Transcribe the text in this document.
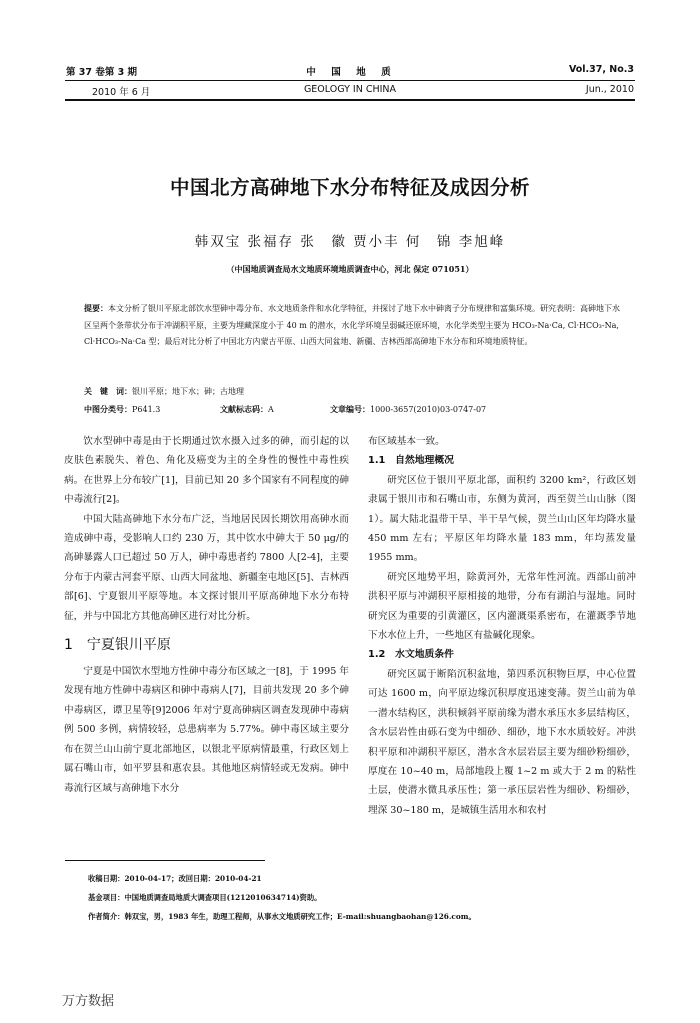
第 37 卷第 3 期	中　国　地　质	Vol.37, No.3
2010 年 6 月	GEOLOGY IN CHINA	Jun., 2010
中国北方高砷地下水分布特征及成因分析
韩双宝 张福存 张　徽 贾小丰 何　锦 李旭峰
（中国地质调查局水文地质环境地质调查中心，河北 保定 071051）
提要：本文分析了银川平原北部饮水型砷中毒分布、水文地质条件和水化学特征，并探讨了地下水中砷离子分布规律和富集环境。研究表明：高砷地下水区呈两个条带状分布于冲湖积平原，主要为埋藏深度小于 40 m 的潜水，水化学环境呈弱碱还原环境，水化学类型主要为 HCO₃-Na·Ca, Cl·HCO₃-Na, Cl·HCO₃-Na·Ca 型；最后对比分析了中国北方内蒙古平原、山西大同盆地、新疆、吉林西部高砷地下水分布和环境地质特征。
关　键　词：银川平原；地下水；砷；古地理
中图分类号：P641.3	文献标志码：A	文章编号：1000-3657(2010)03-0747-07

饮水型砷中毒是由于长期通过饮水摄入过多的砷，而引起的以皮肤色素脱失、着色、角化及癌变为主的全身性的慢性中毒性疾病。在世界上分布较广[1]，目前已知 20 多个国家有不同程度的砷中毒流行[2]。

中国大陆高砷地下水分布广泛，当地居民因长期饮用高砷水而造成砷中毒，受影响人口约 230 万，其中饮水中砷大于 50 μg/的高砷暴露人口已超过 50 万人，砷中毒患者约 7800 人[2-4]，主要分布于内蒙古河套平原、山西大同盆地、新疆奎屯地区[5]、吉林西部[6]、宁夏银川平原等地。本文探讨银川平原高砷地下水分布特征，并与中国北方其他高砷区进行对比分析。

1　宁夏银川平原

宁夏是中国饮水型地方性砷中毒分布区域之一[8]，于 1995 年发现有地方性砷中毒病区和砷中毒病人[7]，目前共发现 20 多个砷中毒病区，谭卫星等[9]2006 年对宁夏高砷病区调查发现砷中毒病例 500 多例，病情较轻，总患病率为 5.77%。砷中毒区域主要分布在贺兰山山前宁夏北部地区，以银北平原病情最重，行政区划上属石嘴山市，如平罗县和惠农县。其他地区病情轻或无发病。砷中毒流行区域与高砷地下水分

布区域基本一致。

1.1　自然地理概况

研究区位于银川平原北部，面积约 3200 km²，行政区划隶属于银川市和石嘴山市，东侧为黄河，西至贺兰山山脉（图 1）。属大陆北温带干旱、半干旱气候，贺兰山山区年均降水量 450 mm 左右；平原区年均降水量 183 mm，年均蒸发量 1955 mm。

研究区地势平坦，除黄河外，无常年性河流。西部山前冲洪积平原与冲湖积平原相接的地带，分布有湖泊与湿地。同时研究区为重要的引黄灌区，区内灌溉渠系密布，在灌溉季节地下水水位上升，一些地区有盐碱化现象。

1.2　水文地质条件

研究区属于断陷沉积盆地，第四系沉积物巨厚，中心位置可达 1600 m，向平原边缘沉积厚度迅速变薄。贺兰山前为单一潜水结构区，洪积倾斜平原前缘为潜水承压水多层结构区，含水层岩性由砾石变为中细砂、细砂，地下水水质较好。冲洪积平原和冲湖积平原区，潜水含水层岩层主要为细砂粉细砂，厚度在 10~40 m，局部地段上覆 1~2 m 或大于 2 m 的粘性土层，使潜水微具承压性；第一承压层岩性为细砂、粉细砂，埋深 30~180 m，是城镇生活用水和农村

收稿日期：2010-04-17；改回日期：2010-04-21
基金项目：中国地质调查局地质大调查项目(1212010634714)资助。
作者简介：韩双宝，男，1983 年生，助理工程师，从事水文地质研究工作；E-mail:shuangbaohan@126.com。
万方数据
